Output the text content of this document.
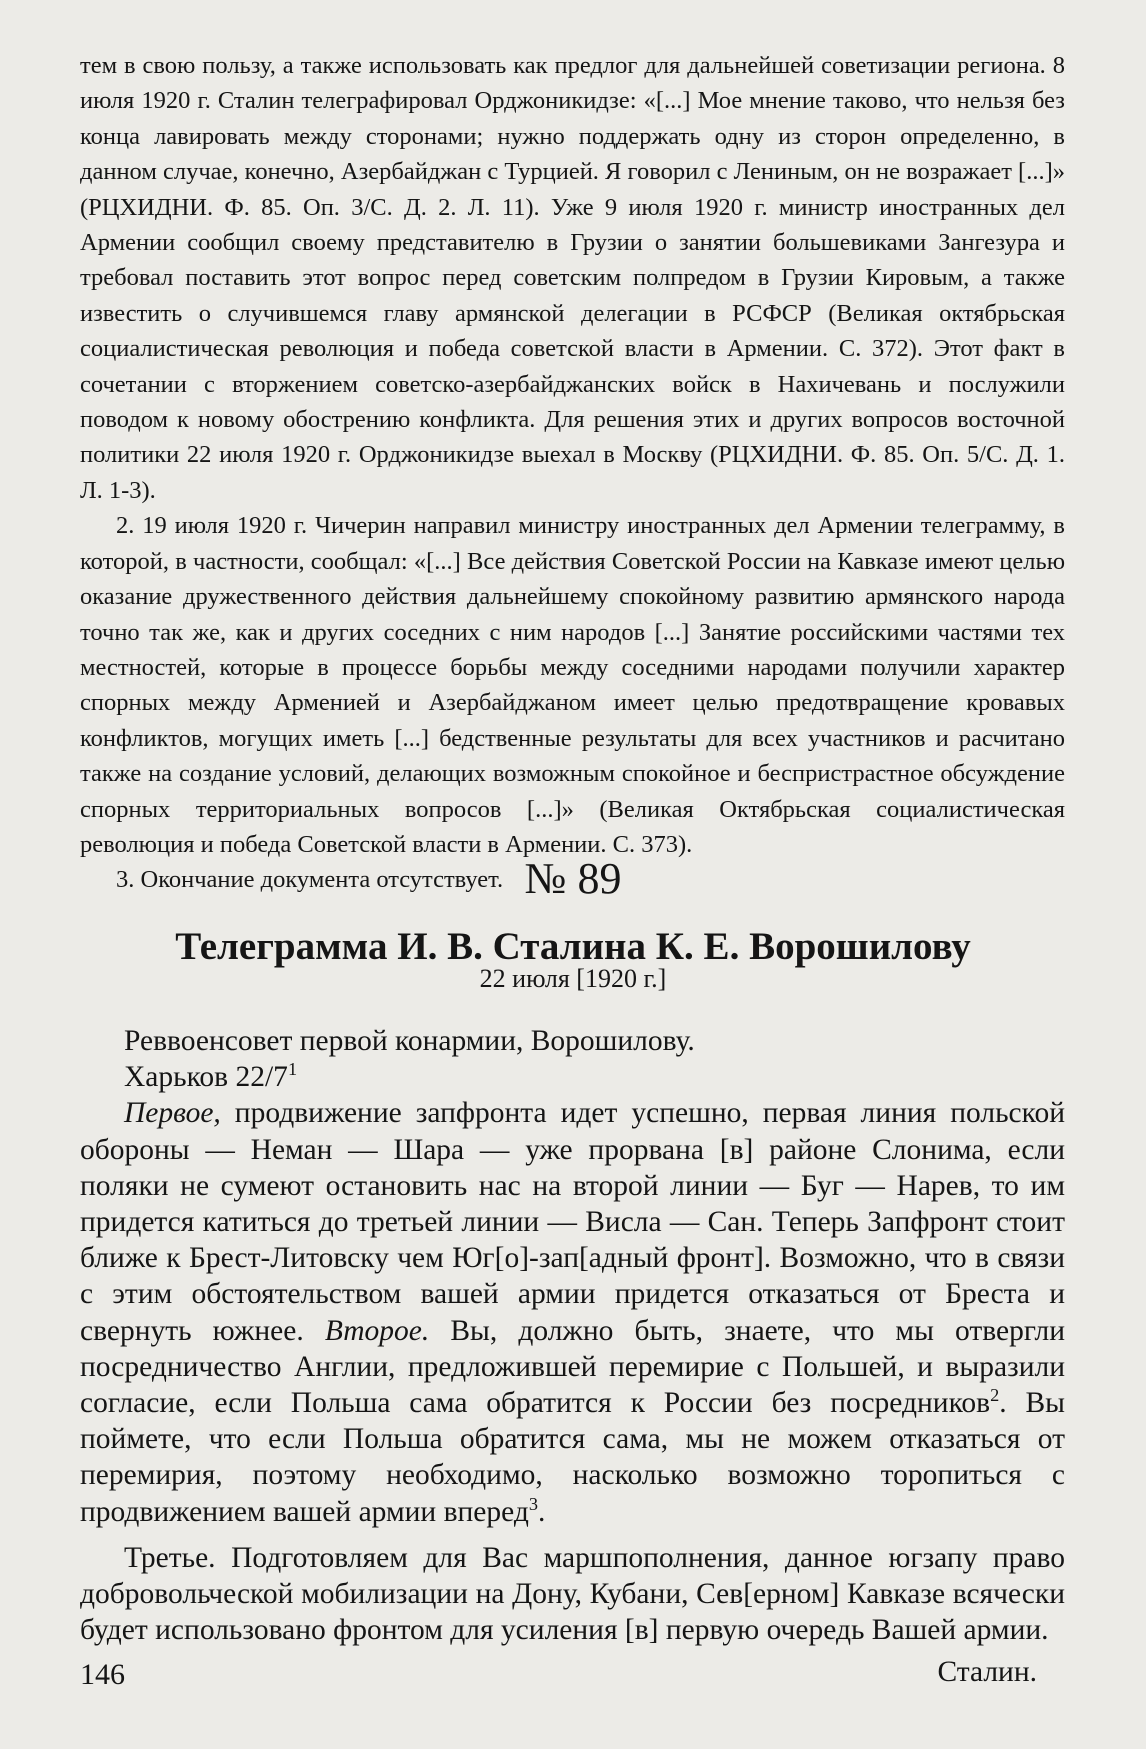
тем в свою пользу, а также использовать как предлог для дальнейшей советизации региона. 8 июля 1920 г. Сталин телеграфировал Орджоникидзе: «[...] Мое мнение таково, что нельзя без конца лавировать между сторонами; нужно поддержать одну из сторон определенно, в данном случае, конечно, Азербайджан с Турцией. Я говорил с Лениным, он не возражает [...]» (РЦХИДНИ. Ф. 85. Оп. 3/С. Д. 2. Л. 11). Уже 9 июля 1920 г. министр иностранных дел Армении сообщил своему представителю в Грузии о занятии большевиками Зангезура и требовал поставить этот вопрос перед советским полпредом в Грузии Кировым, а также известить о случившемся главу армянской делегации в РСФСР (Великая октябрьская социалистическая революция и победа советской власти в Армении. С. 372). Этот факт в сочетании с вторжением советско-азербайджанских войск в Нахичевань и послужили поводом к новому обострению конфликта. Для решения этих и других вопросов восточной политики 22 июля 1920 г. Орджоникидзе выехал в Москву (РЦХИДНИ. Ф. 85. Оп. 5/С. Д. 1. Л. 1-3).

2. 19 июля 1920 г. Чичерин направил министру иностранных дел Армении телеграмму, в которой, в частности, сообщал: «[...] Все действия Советской России на Кавказе имеют целью оказание дружественного действия дальнейшему спокойному развитию армянского народа точно так же, как и других соседних с ним народов [...] Занятие российскими частями тех местностей, которые в процессе борьбы между соседними народами получили характер спорных между Арменией и Азербайджаном имеет целью предотвращение кровавых конфликтов, могущих иметь [...] бедственные результаты для всех участников и расчитано также на создание условий, делающих возможным спокойное и беспристрастное обсуждение спорных территориальных вопросов [...]» (Великая Октябрьская социалистическая революция и победа Советской власти в Армении. С. 373).

3. Окончание документа отсутствует. № 89
Телеграмма И. В. Сталина К. Е. Ворошилову
22 июля [1920 г.]

Реввоенсовет первой конармии, Ворошилову.

Харьков $22/7^1$

Первое, продвижение запфронта идет успешно, первая линия польской обороны — Неман — Шара — уже прорвана [в] районе Слонима, если поляки не сумеют остановить нас на второй линии — Буг — Нарев, то им придется катиться до третьей линии — Висла — Сан. Теперь Запфронт стоит ближе к Брест-Литовску чем Юг[о]-зап[адный фронт]. Возможно, что в связи с этим обстоятельством вашей армии придется отказаться от Бреста и свернуть южнее. Второе. Вы, должно быть, знаете, что мы отвергли посредничество Англии, предложившей перемирие с Польшей, и выразили согласие, если Польша сама обратится к России без посредников$^2$. Вы поймете, что если Польша обратится сама, мы не можем отказаться от перемирия, поэтому необходимо, насколько возможно торопиться с продвижением вашей армии вперед$^3$.

Третье. Подготовляем для Вас маршпополнения, данное югзапу право добровольческой мобилизации на Дону, Кубани, Сев[ерном] Кавказе всячески будет использовано фронтом для усиления [в] первую очередь Вашей армии.

Сталин.

146
